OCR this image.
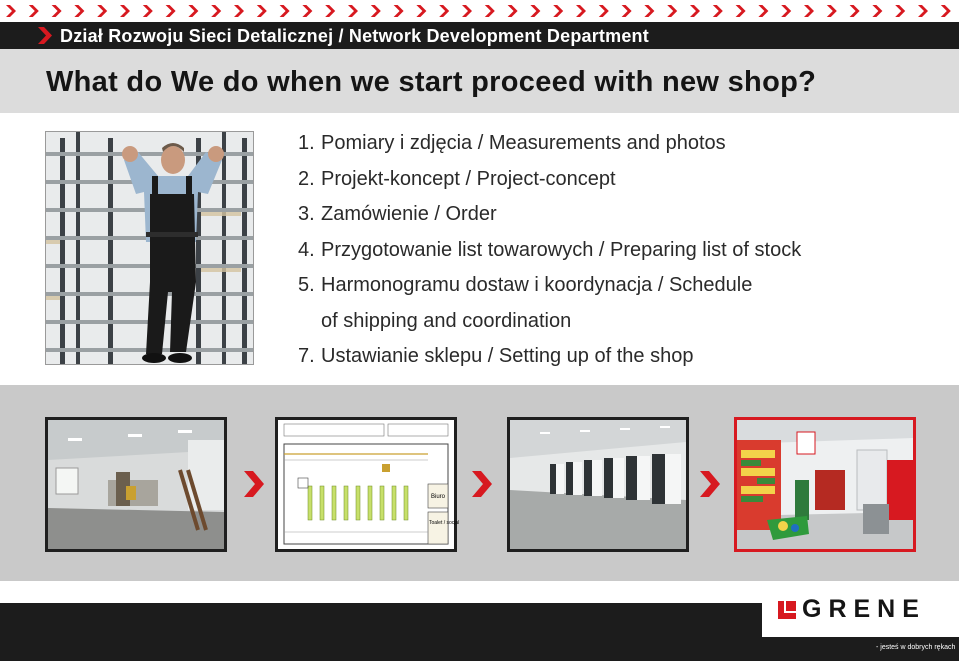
Dział Rozwoju Sieci Detalicznej / Network Development Department
What do We do when we start proceed with new shop?
1. Pomiary i zdjęcia / Measurements and photos
2. Projekt-koncept / Project-concept
3. Zamówienie / Order
4. Przygotowanie list towarowych / Preparing list of stock
5. Harmonogramu dostaw i koordynacja / Schedule
of shipping and coordination
7. Ustawianie sklepu / Setting up of the shop
Biuro
Toalet / socjal
GRENE
- jesteś w dobrych rękach
